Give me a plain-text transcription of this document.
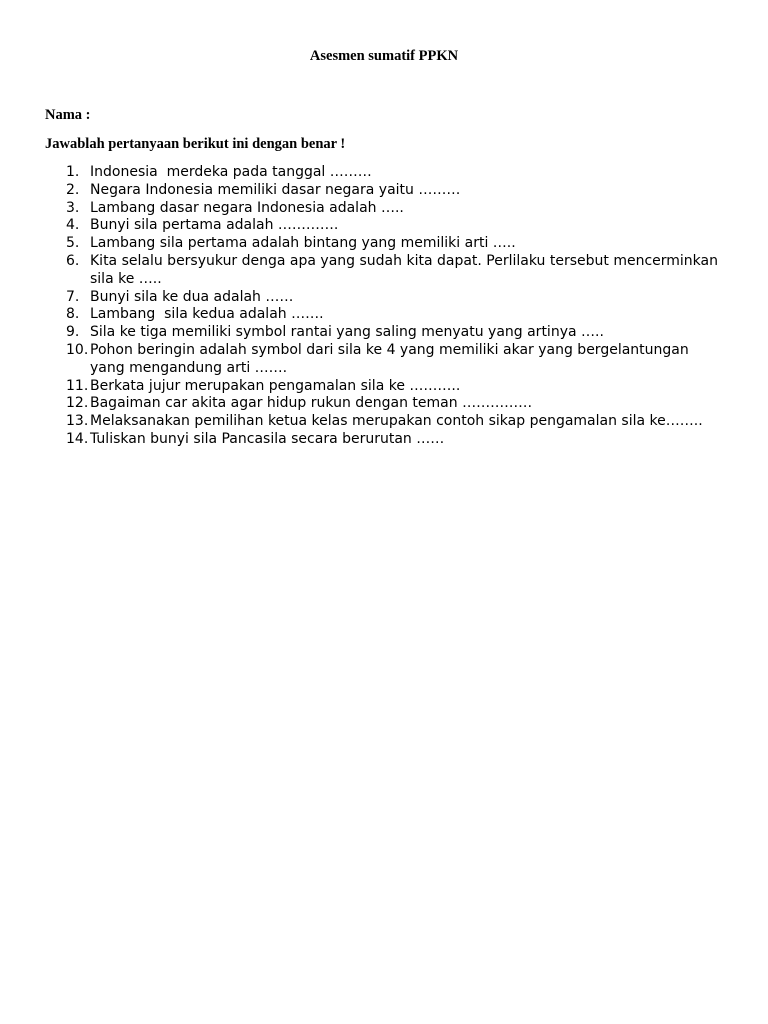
Asesmen sumatif PPKN
Nama :
Jawablah pertanyaan berikut ini dengan benar !
1. Indonesia  merdeka pada tanggal ………
2. Negara Indonesia memiliki dasar negara yaitu ………
3. Lambang dasar negara Indonesia adalah …..
4. Bunyi sila pertama adalah ………….
5. Lambang sila pertama adalah bintang yang memiliki arti …..
6. Kita selalu bersyukur denga apa yang sudah kita dapat. Perlilaku tersebut mencerminkan sila ke …..
7. Bunyi sila ke dua adalah ……
8. Lambang  sila kedua adalah …….
9. Sila ke tiga memiliki symbol rantai yang saling menyatu yang artinya …..
10. Pohon beringin adalah symbol dari sila ke 4 yang memiliki akar yang bergelantungan yang mengandung arti …….
11. Berkata jujur merupakan pengamalan sila ke ………..
12. Bagaiman car akita agar hidup rukun dengan teman ……………
13. Melaksanakan pemilihan ketua kelas merupakan contoh sikap pengamalan sila ke……..
14. Tuliskan bunyi sila Pancasila secara berurutan ……
